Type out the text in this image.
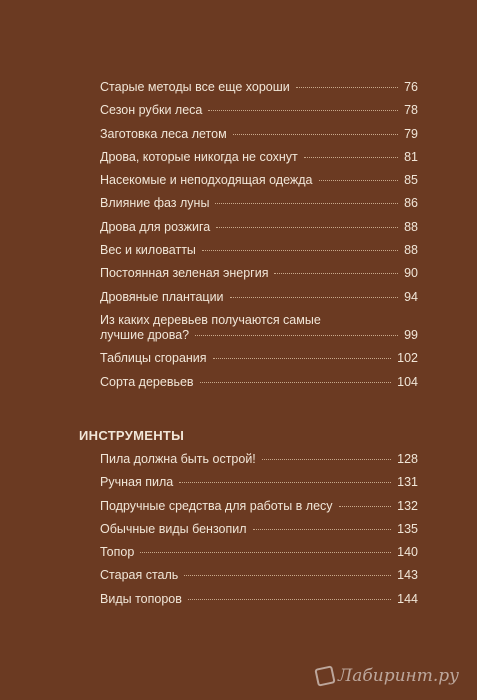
Старые методы все еще хороши	76
Сезон рубки леса	78
Заготовка леса летом	79
Дрова, которые никогда не сохнут	81
Насекомые и неподходящая одежда	85
Влияние фаз луны	86
Дрова для розжига	88
Вес и киловатты	88
Постоянная зеленая энергия	90
Дровяные плантации	94
Из каких деревьев получаются самые
лучшие дрова?	99
Таблицы сгорания	102
Сорта деревьев	104
ИНСТРУМЕНТЫ
Пила должна быть острой!	128
Ручная пила	131
Подручные средства для работы в лесу	132
Обычные виды бензопил	135
Топор	140
Старая сталь	143
Виды топоров	144
Лабиринт.ру
